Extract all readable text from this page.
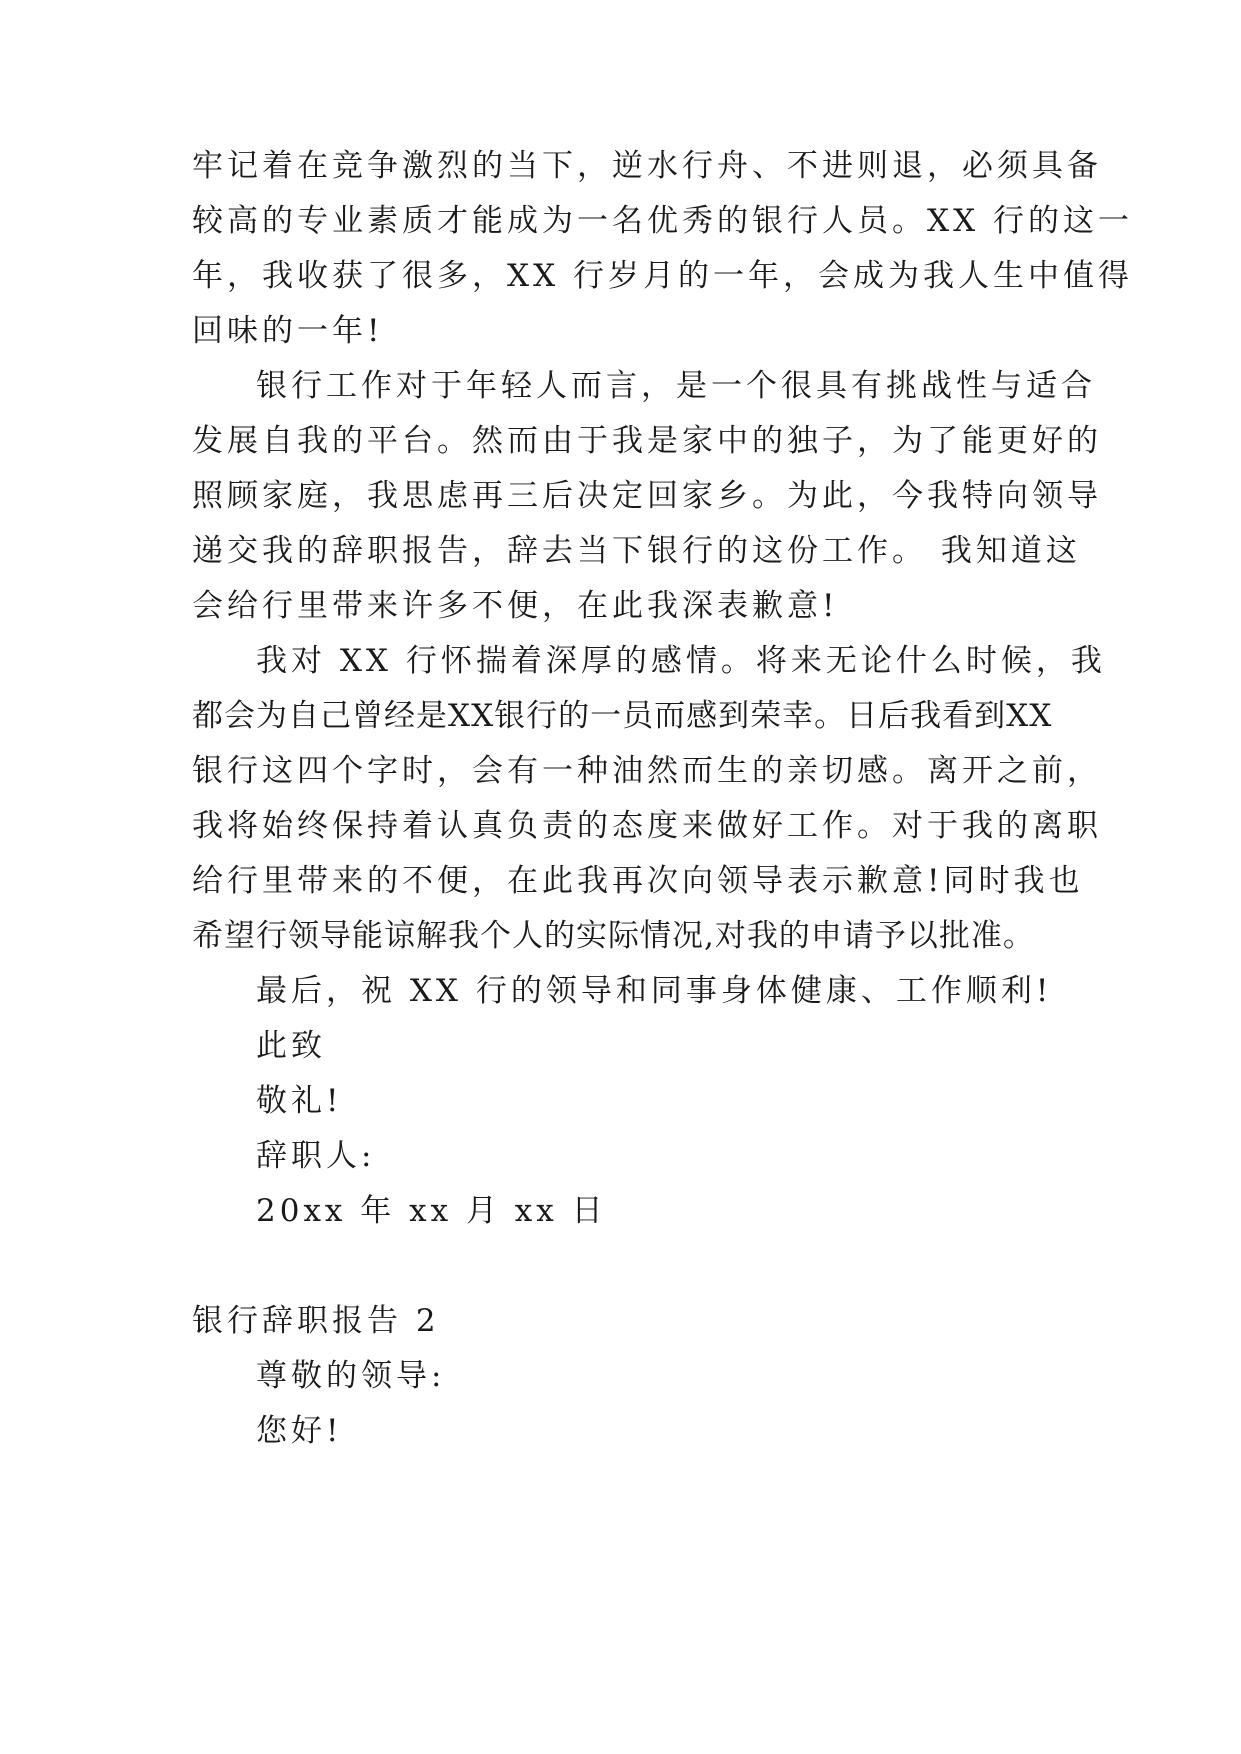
牢记着在竞争激烈的当下，逆水行舟、不进则退，必须具备
较高的专业素质才能成为一名优秀的银行人员。XX 行的这一
年，我收获了很多，XX 行岁月的一年，会成为我人生中值得
回味的一年!
银行工作对于年轻人而言，是一个很具有挑战性与适合
发展自我的平台。然而由于我是家中的独子，为了能更好的
照顾家庭，我思虑再三后决定回家乡。为此，今我特向领导
递交我的辞职报告，辞去当下银行的这份工作。 我知道这
会给行里带来许多不便，在此我深表歉意!
我对 XX 行怀揣着深厚的感情。将来无论什么时候，我
都会为自己曾经是XX银行的一员而感到荣幸。日后我看到XX
银行这四个字时，会有一种油然而生的亲切感。离开之前，
我将始终保持着认真负责的态度来做好工作。对于我的离职
给行里带来的不便，在此我再次向领导表示歉意!同时我也
希望行领导能谅解我个人的实际情况,对我的申请予以批准。
最后，祝 XX 行的领导和同事身体健康、工作顺利!
此致
敬礼!
辞职人:
20xx 年 xx 月 xx 日
银行辞职报告 2
尊敬的领导:
您好!
